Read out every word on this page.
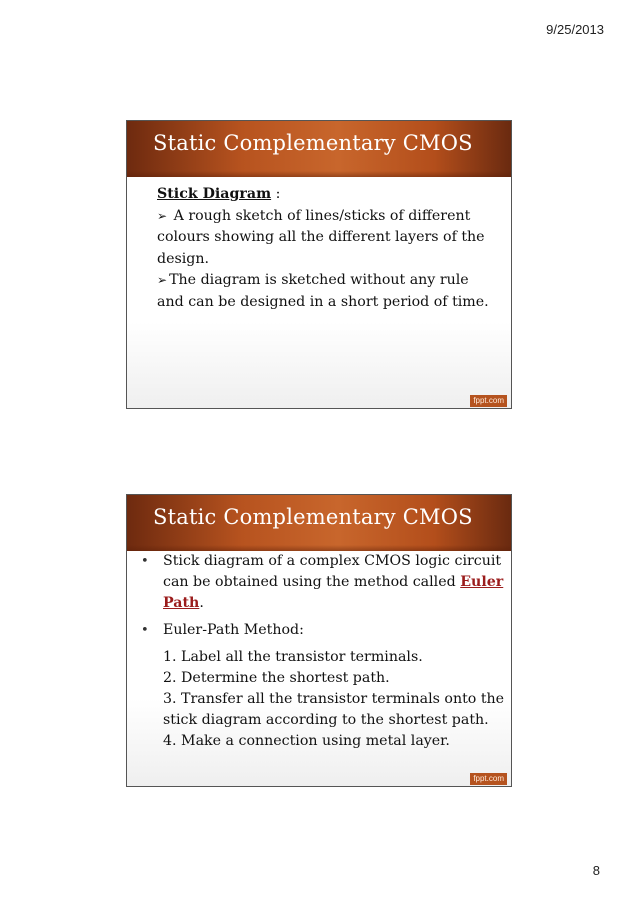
9/25/2013
Static Complementary CMOS
Stick Diagram :
➢ A rough sketch of lines/sticks of different colours showing all the different layers of the design.
➢ The diagram is sketched without any rule and can be designed in a short period of time.
fppt.com
Static Complementary CMOS
• Stick diagram of a complex CMOS logic circuit can be obtained using the method called Euler Path.
• Euler-Path Method:
1. Label all the transistor terminals.
2. Determine the shortest path.
3. Transfer all the transistor terminals onto the stick diagram according to the shortest path.
4. Make a connection using metal layer.
fppt.com
8
